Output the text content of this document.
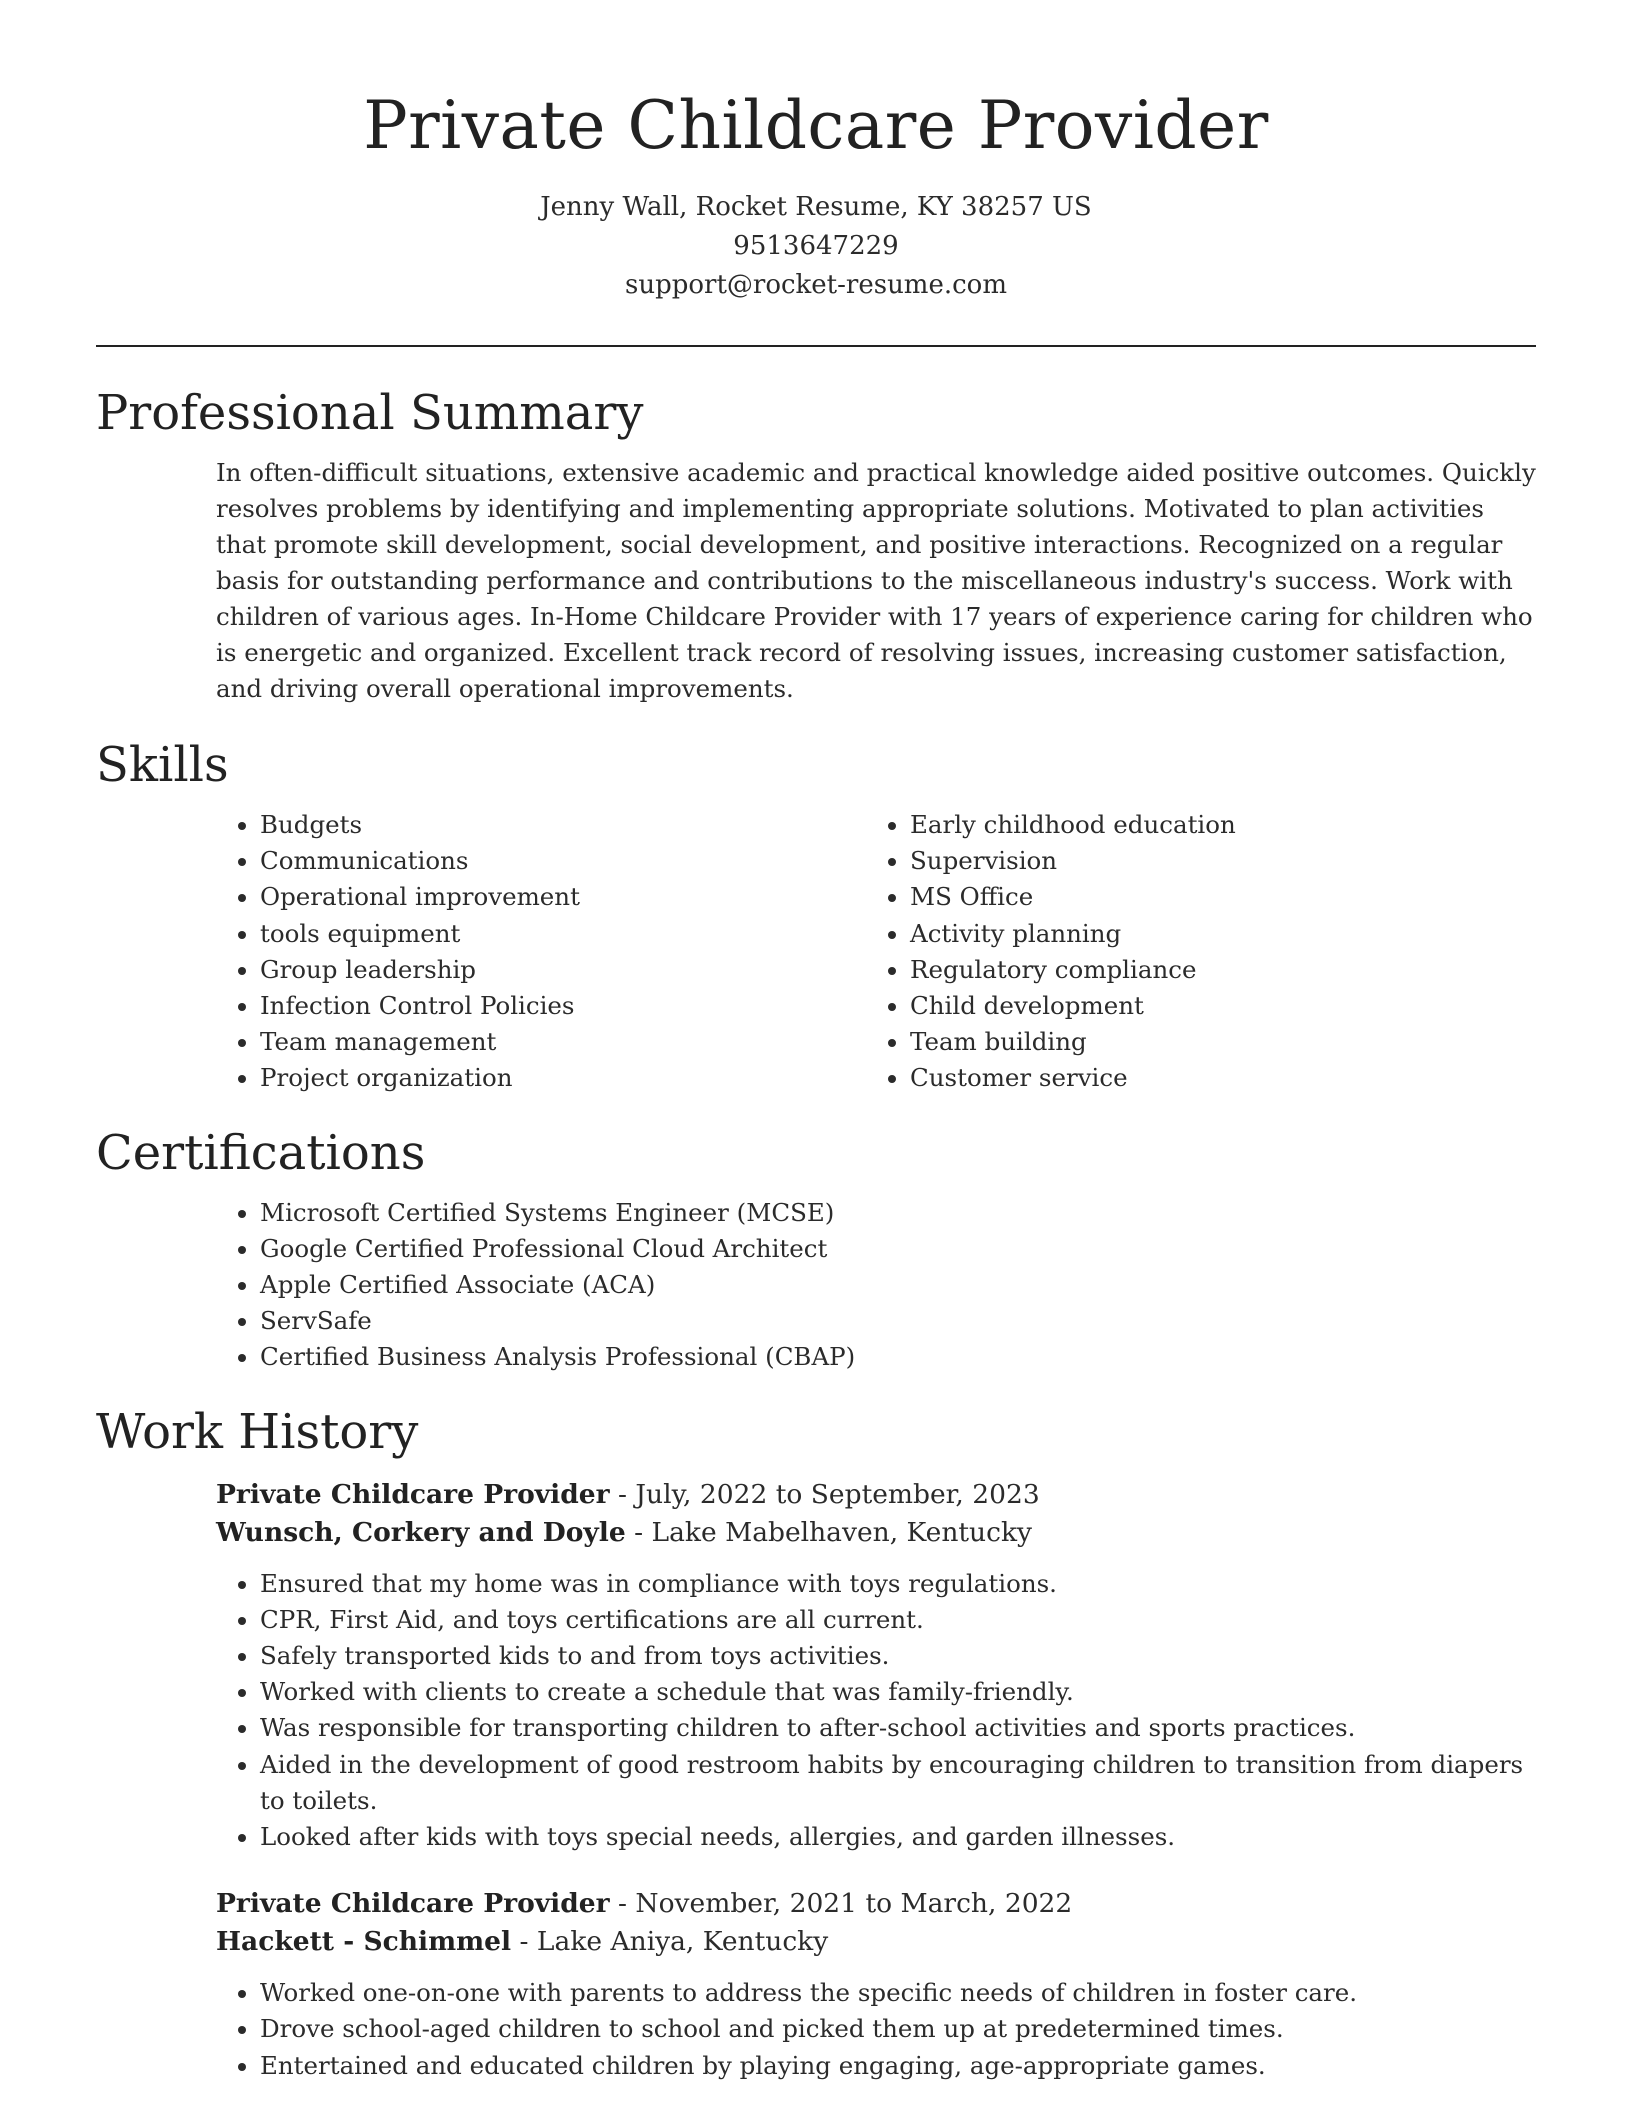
Private Childcare Provider
Jenny Wall, Rocket Resume, KY 38257 US
9513647229
support@rocket-resume.com
Professional Summary

In often-difficult situations, extensive academic and practical knowledge aided positive outcomes. Quickly resolves problems by identifying and implementing appropriate solutions. Motivated to plan activities that promote skill development, social development, and positive interactions. Recognized on a regular basis for outstanding performance and contributions to the miscellaneous industry's success. Work with children of various ages. In-Home Childcare Provider with 17 years of experience caring for children who is energetic and organized. Excellent track record of resolving issues, increasing customer satisfaction, and driving overall operational improvements.

Skills
• Budgets
• Communications
• Operational improvement
• tools equipment
• Group leadership
• Infection Control Policies
• Team management
• Project organization
• Early childhood education
• Supervision
• MS Office
• Activity planning
• Regulatory compliance
• Child development
• Team building
• Customer service
Certifications
• Microsoft Certified Systems Engineer (MCSE)
• Google Certified Professional Cloud Architect
• Apple Certified Associate (ACA)
• ServSafe
• Certified Business Analysis Professional (CBAP)
Work History
Private Childcare Provider - July, 2022 to September, 2023
Wunsch, Corkery and Doyle - Lake Mabelhaven, Kentucky
• Ensured that my home was in compliance with toys regulations.
• CPR, First Aid, and toys certifications are all current.
• Safely transported kids to and from toys activities.
• Worked with clients to create a schedule that was family-friendly.
• Was responsible for transporting children to after-school activities and sports practices.
• Aided in the development of good restroom habits by encouraging children to transition from diapers to toilets.
• Looked after kids with toys special needs, allergies, and garden illnesses.
Private Childcare Provider - November, 2021 to March, 2022
Hackett - Schimmel - Lake Aniya, Kentucky
• Worked one-on-one with parents to address the specific needs of children in foster care.
• Drove school-aged children to school and picked them up at predetermined times.
• Entertained and educated children by playing engaging, age-appropriate games.
